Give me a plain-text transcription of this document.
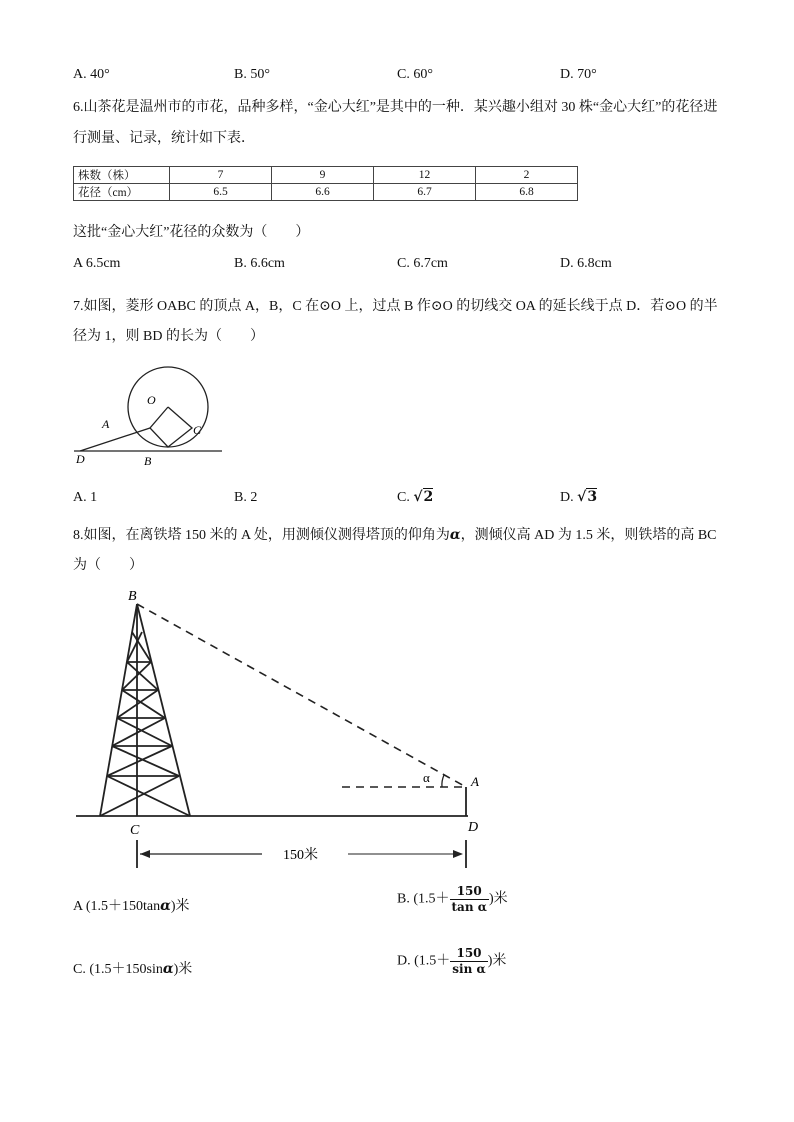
A. 40°	B. 50°	C. 60°	D. 70°
6.山茶花是温州市的市花，品种多样，“金心大红”是其中的一种．某兴趣小组对 30 株“金心大红”的花径进
行测量、记录，统计如下表．
株数（株）	7	9	12	2
花径（cm）	6.5	6.6	6.7	6.8
这批“金心大红”花径的众数为（　　）
A 6.5cm	B. 6.6cm	C. 6.7cm	D. 6.8cm
7.如图，菱形 OABC 的顶点 A，B，C 在⊙O 上，过点 B 作⊙O 的切线交 OA 的延长线于点 D．若⊙O 的半
径为 1，则 BD 的长为（　　）
O
A	C
D	B
A. 1	B. 2	C. √2	D. √3
8.如图，在离铁塔 150 米的 A 处，用测倾仪测得塔顶的仰角为α，测倾仪高 AD 为 1.5 米，则铁塔的高 BC
为（　　）
B
C
A
D
α
150米
A (1.5＋150tanα)米	B. ($1.5+ \frac{150}{\text{tan α}}$ )米
C. (1.5＋150sinα)米
D. ($1.5+ \frac{150}{\text{sin α}}$ )米
